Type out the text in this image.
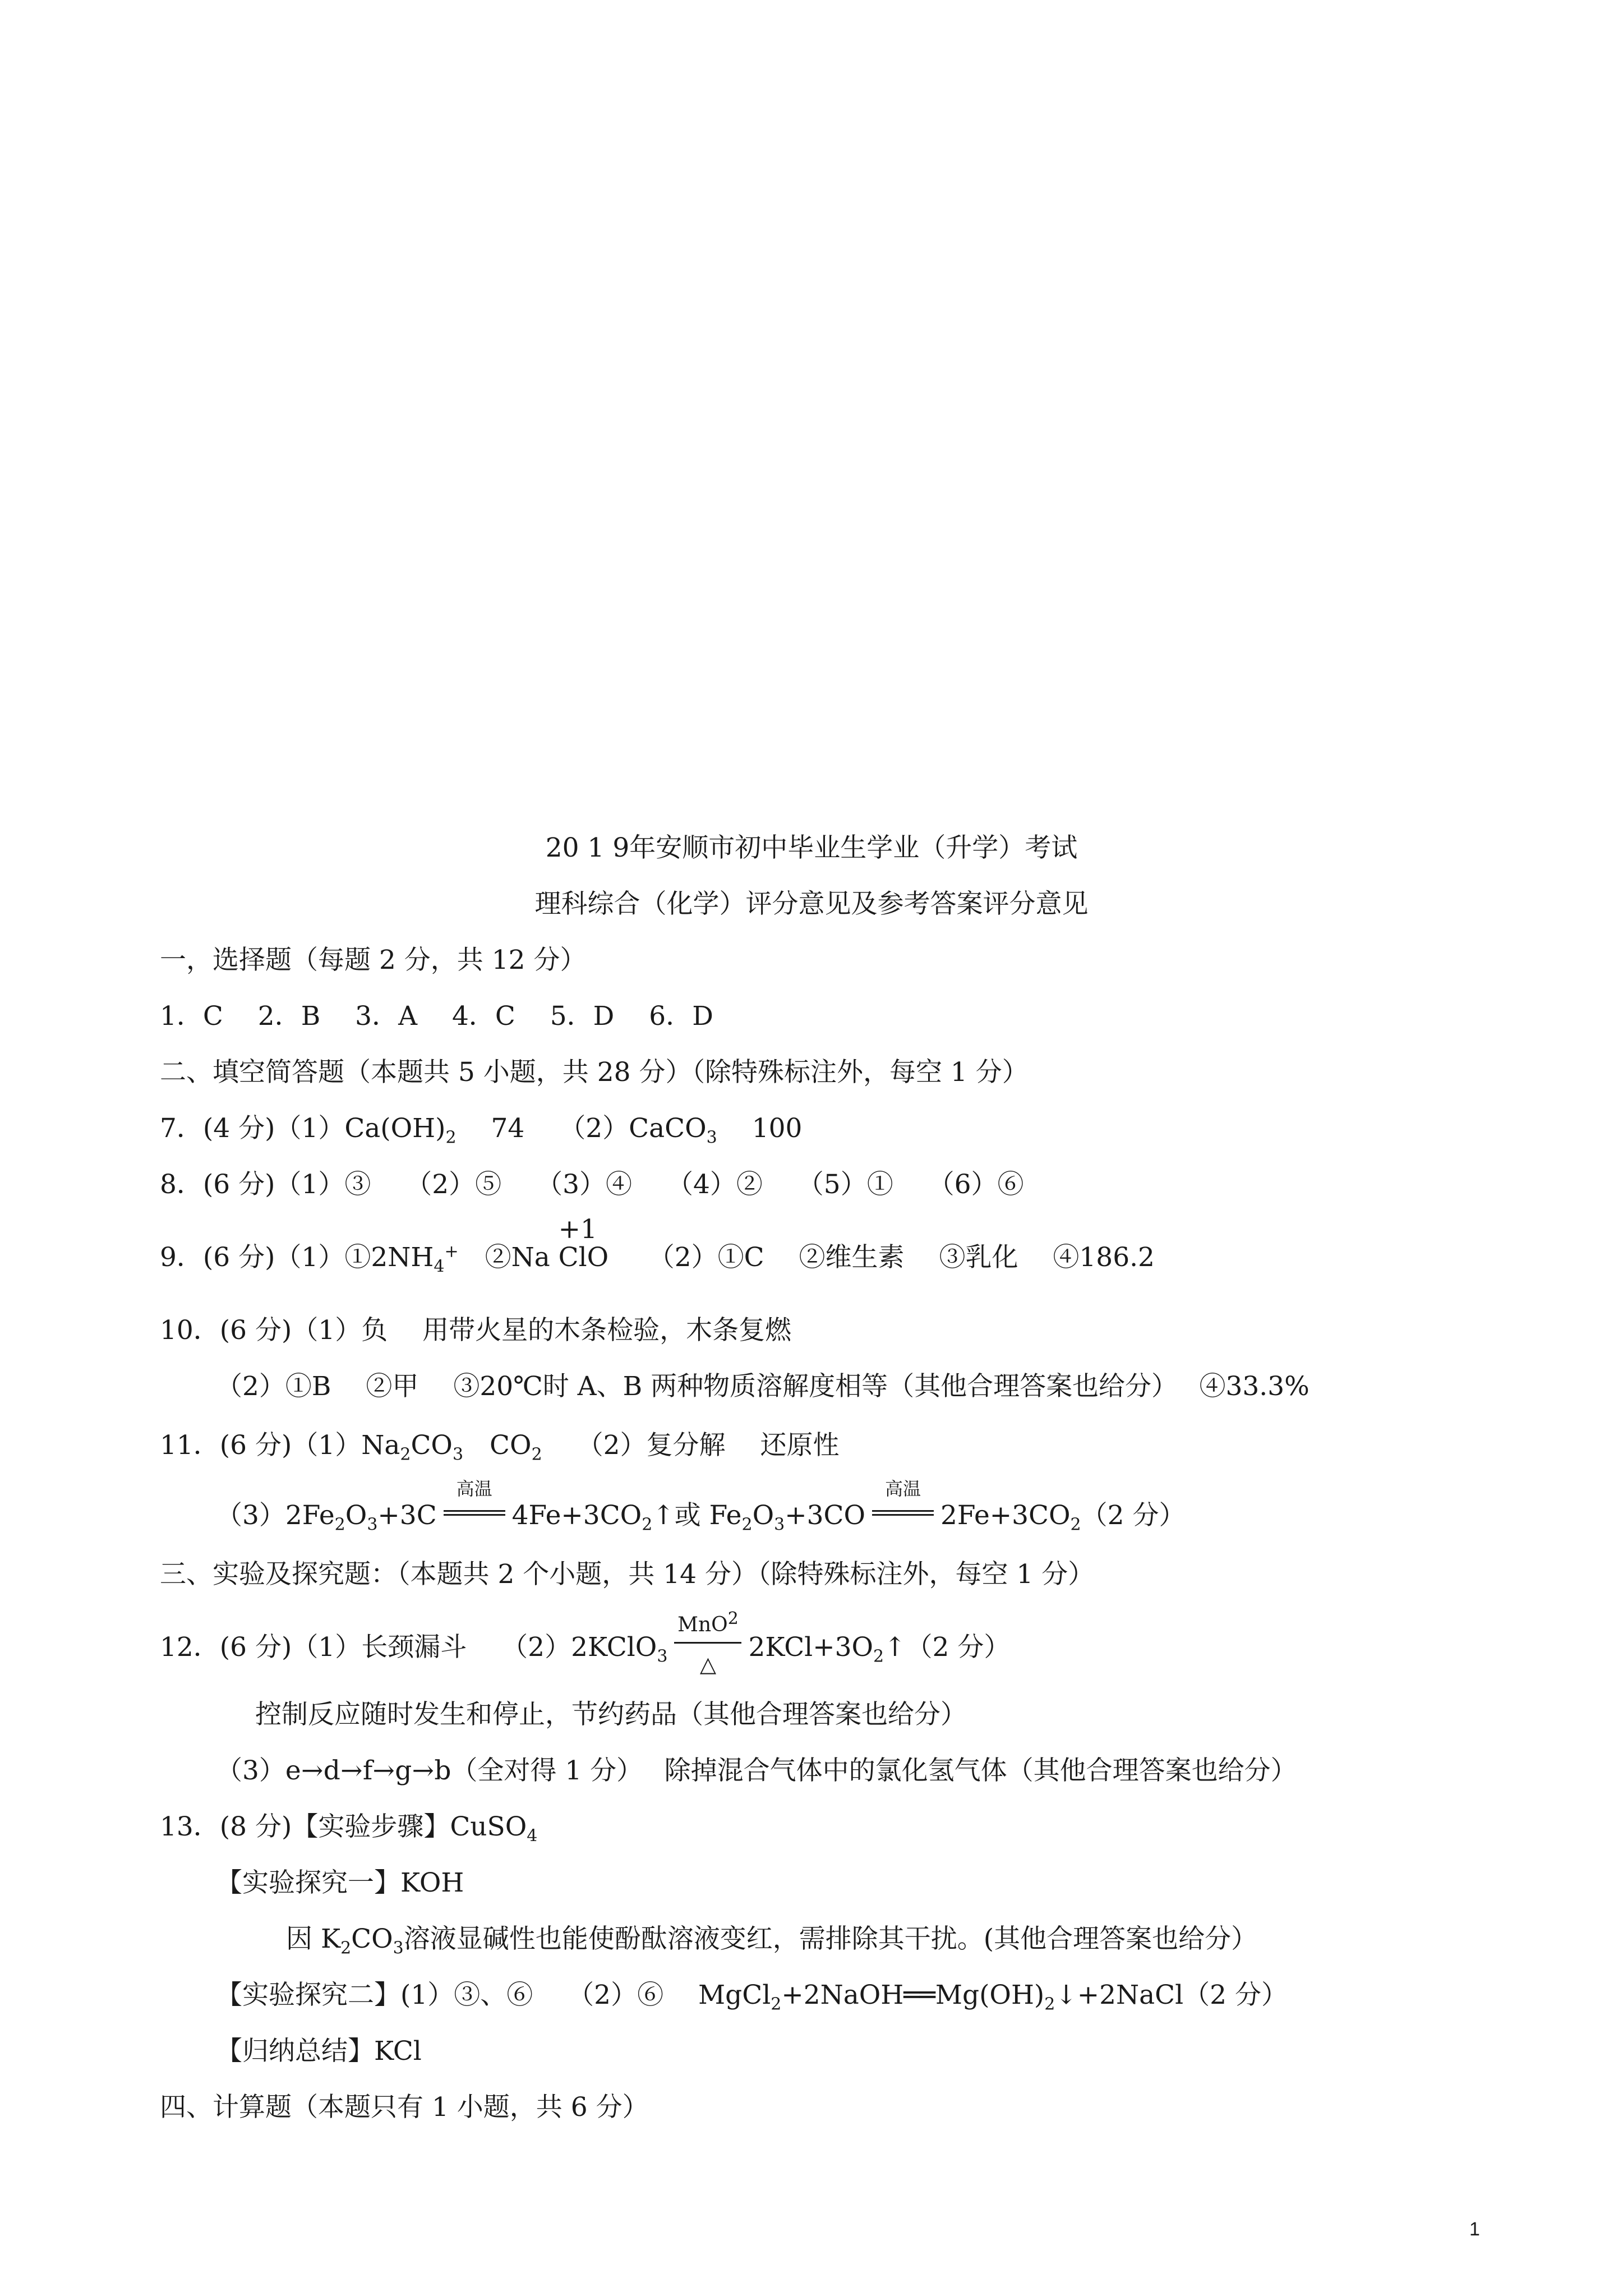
20 1 9年安顺市初中毕业生学业（升学）考试
理科综合（化学）评分意见及参考答案评分意见
一，选择题（每题 2 分，共 12 分）
1．C　 2．B　 3．A　 4．C　 5．D　 6．D
二、填空简答题（本题共 5 小题，共 28 分）（除特殊标注外，每空 1 分）
7．(4 分)$(1)Ca(OH)_2$　 74　 （2）CaCO$_3$　 100
8．(6 分)（1）③　 （2）⑤　 （3）④　 （4）②　 （5）①　 （6）⑥
9．(6 分)$(1)①2NH_4^+$　②Na
+1
ClO　　（2）①C　 ②维生素　 ③乳化　 ④186.2
10．(6 分)（1）负　 用带火星的木条检验，木条复燃
（2）①B　 ②甲　 ③20℃时 A、B 两种物质溶解度相等（其他合理答案也给分）　 ④33.3%
11．(6 分)$(1)Na_2CO_3$　$CO_2$　 （2）复分解　 还原性
$(3)2Fe_2O_3+3C$
高温
$4Fe+3CO_2↑$或 $Fe_2O_3+3CO$
高温
$2Fe+3CO_2(2$ 分）
三、实验及探究题：（本题共 2 个小题，共 14 分）（除特殊标注外，每空 1 分）
12．(6 分)（1）长颈漏斗　 （2）2KClO$_3$
MnO$^2$
△
$2KCl+3O_2↑(2$ 分）
控制反应随时发生和停止，节约药品（其他合理答案也给分）
（3）e→d→f→g→b（全对得 1 分）　 除掉混合气体中的氯化氢气体（其他合理答案也给分）
13．(8 分)【实验步骤】CuSO$_4$
【实验探究一】KOH
因 $K_2CO_3$溶液显碱性也能使酚酞溶液变红，需排除其干扰。(其他合理答案也给分）
【实验探究二】(1）③、⑥　 （2）⑥　 $MgCl_2+2NaOH══Mg(OH)_2↓+2NaCl(2$ 分）
【归纳总结】KCl
四、计算题（本题只有 1 小题，共 6 分）
1
